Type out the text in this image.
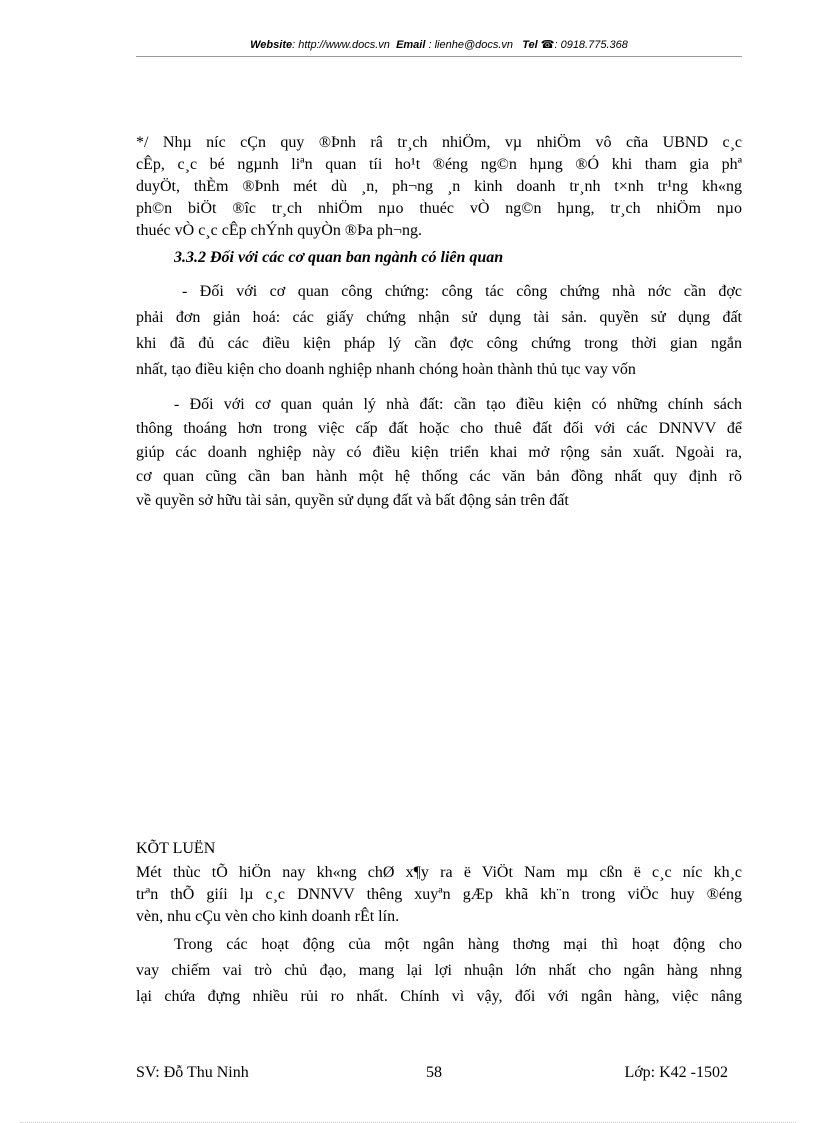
Website: http://www.docs.vn Email : lienhe@docs.vn Tel ☎: 0918.775.368
*/ Nhµ níc cÇn quy ®Þnh râ tr¸ch nhiÖm, vµ nhiÖm vô cña UBND c¸c
cÊp, c¸c bé ngµnh liªn quan tíi ho¹t ®éng ng©n hµng ®Ó khi tham gia phª
duyÖt, thÈm ®Þnh mét dù ¸n, ph¬ng ¸n kinh doanh tr¸nh t×nh tr¹ng kh«ng
ph©n biÖt ®îc tr¸ch nhiÖm nµo thuéc vÒ ng©n hµng, tr¸ch nhiÖm nµo
thuéc vÒ c¸c cÊp chÝnh quyÒn ®Þa ph¬ng.
3.3.2 Đối với các cơ quan ban ngành có liên quan
- Đối với cơ quan công chứng: công tác công chứng nhà nớc cần đợc
phải đơn giản hoá: các giấy chứng nhận sử dụng tài sản. quyền sử dụng đất
khi đã đủ các điều kiện pháp lý cần đợc công chứng trong thời gian ngắn
nhất, tạo điều kiện cho doanh nghiệp nhanh chóng hoàn thành thủ tục vay vốn
- Đối với cơ quan quản lý nhà đất: cần tạo điều kiện có những chính sách
thông thoáng hơn trong việc cấp đất hoặc cho thuê đất đối với các DNNVV để
giúp các doanh nghiệp này có điều kiện triển khai mở rộng sản xuất. Ngoài ra,
cơ quan cũng cần ban hành một hệ thống các văn bản đồng nhất quy định rõ
về quyền sở hữu tài sản, quyền sử dụng đất và bất động sản trên đất
KÕT LUËN
Mét thùc tÕ hiÖn nay kh«ng chØ x¶y ra ë ViÖt Nam mµ cßn ë c¸c níc kh¸c
trªn thÕ giíi lµ c¸c DNNVV thêng xuyªn gÆp khã kh¨n trong viÖc huy ®éng
vèn, nhu cÇu vèn cho kinh doanh rÊt lín.
Trong các hoạt động của một ngân hàng thơng mại thì hoạt động cho
vay chiếm vai trò chủ đạo, mang lại lợi nhuận lớn nhất cho ngân hàng nhng
lại chứa đựng nhiều rủi ro nhất. Chính vì vậy, đối với ngân hàng, việc nâng
SV: Đỗ Thu Ninh	58	Lớp: K42 -1502
